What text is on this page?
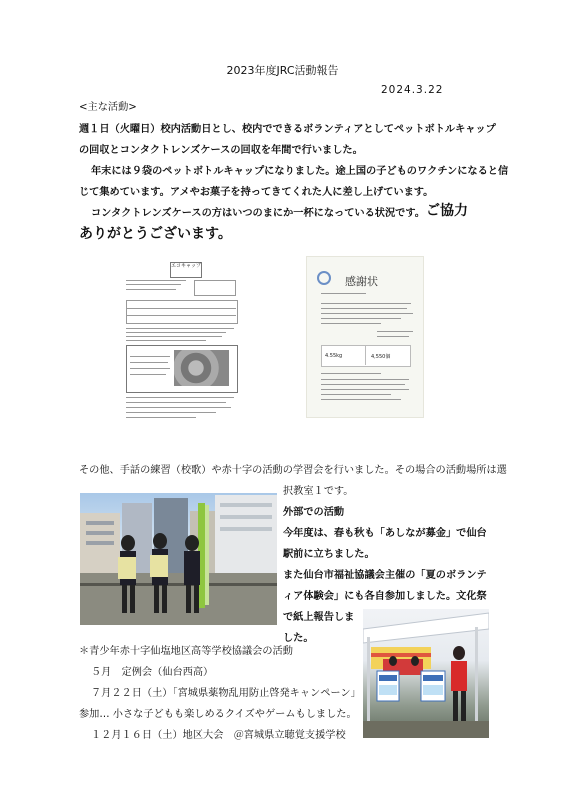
2023年度JRC活動報告
2024.3.22
<主な活動>
週１日（火曜日）校内活動日とし、校内でできるボランティアとしてペットボトルキャップ
の回収とコンタクトレンズケースの回収を年間で行いました。
年末には９袋のペットボトルキャップになりました。途上国の子どものワクチンになると信
じて集めています。アメやお菓子を持ってきてくれた人に差し上げています。
コンタクトレンズケースの方はいつのまにか一杯になっている状況です。 ご協力
ありがとうございます。
エコキャップ
感謝状
4.55kg	4,550個
その他、手話の練習（校歌）や赤十字の活動の学習会を行いました。その場合の活動場所は選
択教室１です。
外部での活動
今年度は、春も秋も「あしなが募金」で仙台
駅前に立ちました。
また仙台市福祉協議会主催の「夏のボランテ
ィア体験会」にも各自参加しました。文化祭
で紙上報告しま
した。
＊青少年赤十字仙塩地区高等学校協議会の活動
５月　定例会（仙台西高）
７月２２日（土）「宮城県薬物乱用防止啓発キャンペーン」
参加… 小さな子どもも楽しめるクイズやゲームもしました。
１２月１６日（土）地区大会　＠宮城県立聴覚支援学校
